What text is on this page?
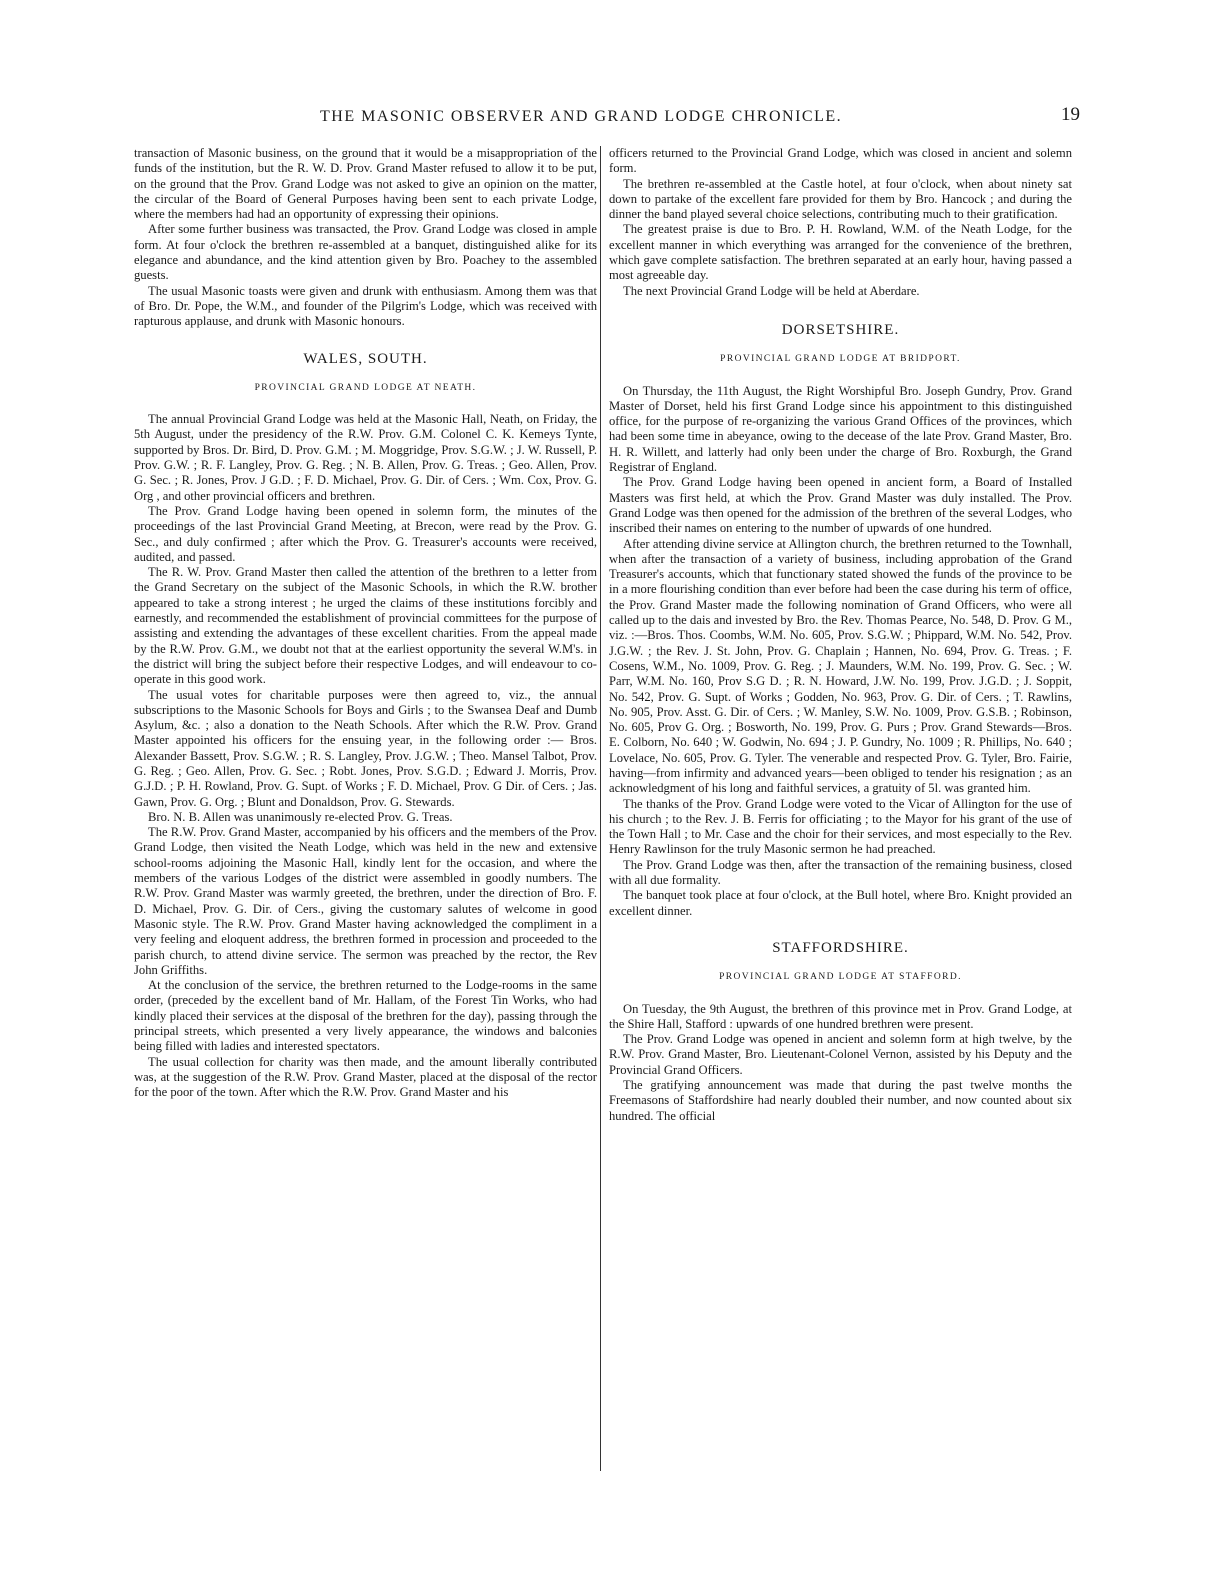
THE MASONIC OBSERVER AND GRAND LODGE CHRONICLE.	19

transaction of Masonic business, on the ground that it would be a misappropriation of the funds of the institution, but the R. W. D. Prov. Grand Master refused to allow it to be put, on the ground that the Prov. Grand Lodge was not asked to give an opinion on the matter, the circular of the Board of General Purposes having been sent to each private Lodge, where the members had had an opportunity of expressing their opinions.

After some further business was transacted, the Prov. Grand Lodge was closed in ample form. At four o'clock the brethren re-assembled at a banquet, distinguished alike for its elegance and abundance, and the kind attention given by Bro. Poachey to the assembled guests.

The usual Masonic toasts were given and drunk with enthusiasm. Among them was that of Bro. Dr. Pope, the W.M., and founder of the Pilgrim's Lodge, which was received with rapturous applause, and drunk with Masonic honours.

WALES, SOUTH.
PROVINCIAL GRAND LODGE AT NEATH.

The annual Provincial Grand Lodge was held at the Masonic Hall, Neath, on Friday, the 5th August, under the presidency of the R.W. Prov. G.M. Colonel C. K. Kemeys Tynte, supported by Bros. Dr. Bird, D. Prov. G.M. ; M. Moggridge, Prov. S.G.W. ; J. W. Russell, P. Prov. G.W. ; R. F. Langley, Prov. G. Reg. ; N. B. Allen, Prov. G. Treas. ; Geo. Allen, Prov. G. Sec. ; R. Jones, Prov. J G.D. ; F. D. Michael, Prov. G. Dir. of Cers. ; Wm. Cox, Prov. G. Org , and other provincial officers and brethren.

The Prov. Grand Lodge having been opened in solemn form, the minutes of the proceedings of the last Provincial Grand Meeting, at Brecon, were read by the Prov. G. Sec., and duly confirmed ; after which the Prov. G. Treasurer's accounts were received, audited, and passed.

The R. W. Prov. Grand Master then called the attention of the brethren to a letter from the Grand Secretary on the subject of the Masonic Schools, in which the R.W. brother appeared to take a strong interest ; he urged the claims of these institutions forcibly and earnestly, and recommended the establishment of provincial committees for the purpose of assisting and extending the advantages of these excellent charities. From the appeal made by the R.W. Prov. G.M., we doubt not that at the earliest opportunity the several W.M's. in the district will bring the subject before their respective Lodges, and will endeavour to co-operate in this good work.

The usual votes for charitable purposes were then agreed to, viz., the annual subscriptions to the Masonic Schools for Boys and Girls ; to the Swansea Deaf and Dumb Asylum, &c. ; also a donation to the Neath Schools. After which the R.W. Prov. Grand Master appointed his officers for the ensuing year, in the following order :— Bros. Alexander Bassett, Prov. S.G.W. ; R. S. Langley, Prov. J.G.W. ; Theo. Mansel Talbot, Prov. G. Reg. ; Geo. Allen, Prov. G. Sec. ; Robt. Jones, Prov. S.G.D. ; Edward J. Morris, Prov. G.J.D. ; P. H. Rowland, Prov. G. Supt. of Works ; F. D. Michael, Prov. G Dir. of Cers. ; Jas. Gawn, Prov. G. Org. ; Blunt and Donaldson, Prov. G. Stewards.

Bro. N. B. Allen was unanimously re-elected Prov. G. Treas.

The R.W. Prov. Grand Master, accompanied by his officers and the members of the Prov. Grand Lodge, then visited the Neath Lodge, which was held in the new and extensive school-rooms adjoining the Masonic Hall, kindly lent for the occasion, and where the members of the various Lodges of the district were assembled in goodly numbers. The R.W. Prov. Grand Master was warmly greeted, the brethren, under the direction of Bro. F. D. Michael, Prov. G. Dir. of Cers., giving the customary salutes of welcome in good Masonic style. The R.W. Prov. Grand Master having acknowledged the compliment in a very feeling and eloquent address, the brethren formed in procession and proceeded to the parish church, to attend divine service. The sermon was preached by the rector, the Rev John Griffiths.

At the conclusion of the service, the brethren returned to the Lodge-rooms in the same order, (preceded by the excellent band of Mr. Hallam, of the Forest Tin Works, who had kindly placed their services at the disposal of the brethren for the day), passing through the principal streets, which presented a very lively appearance, the windows and balconies being filled with ladies and interested spectators.

The usual collection for charity was then made, and the amount liberally contributed was, at the suggestion of the R.W. Prov. Grand Master, placed at the disposal of the rector for the poor of the town. After which the R.W. Prov. Grand Master and his

officers returned to the Provincial Grand Lodge, which was closed in ancient and solemn form.

The brethren re-assembled at the Castle hotel, at four o'clock, when about ninety sat down to partake of the excellent fare provided for them by Bro. Hancock ; and during the dinner the band played several choice selections, contributing much to their gratification.

The greatest praise is due to Bro. P. H. Rowland, W.M. of the Neath Lodge, for the excellent manner in which everything was arranged for the convenience of the brethren, which gave complete satisfaction. The brethren separated at an early hour, having passed a most agreeable day.

The next Provincial Grand Lodge will be held at Aberdare.

DORSETSHIRE.
PROVINCIAL GRAND LODGE AT BRIDPORT.

On Thursday, the 11th August, the Right Worshipful Bro. Joseph Gundry, Prov. Grand Master of Dorset, held his first Grand Lodge since his appointment to this distinguished office, for the purpose of re-organizing the various Grand Offices of the provinces, which had been some time in abeyance, owing to the decease of the late Prov. Grand Master, Bro. H. R. Willett, and latterly had only been under the charge of Bro. Roxburgh, the Grand Registrar of England.

The Prov. Grand Lodge having been opened in ancient form, a Board of Installed Masters was first held, at which the Prov. Grand Master was duly installed. The Prov. Grand Lodge was then opened for the admission of the brethren of the several Lodges, who inscribed their names on entering to the number of upwards of one hundred.

After attending divine service at Allington church, the brethren returned to the Townhall, when after the transaction of a variety of business, including approbation of the Grand Treasurer's accounts, which that functionary stated showed the funds of the province to be in a more flourishing condition than ever before had been the case during his term of office, the Prov. Grand Master made the following nomination of Grand Officers, who were all called up to the dais and invested by Bro. the Rev. Thomas Pearce, No. 548, D. Prov. G M., viz. :—Bros. Thos. Coombs, W.M. No. 605, Prov. S.G.W. ; Phippard, W.M. No. 542, Prov. J.G.W. ; the Rev. J. St. John, Prov. G. Chaplain ; Hannen, No. 694, Prov. G. Treas. ; F. Cosens, W.M., No. 1009, Prov. G. Reg. ; J. Maunders, W.M. No. 199, Prov. G. Sec. ; W. Parr, W.M. No. 160, Prov S.G D. ; R. N. Howard, J.W. No. 199, Prov. J.G.D. ; J. Soppit, No. 542, Prov. G. Supt. of Works ; Godden, No. 963, Prov. G. Dir. of Cers. ; T. Rawlins, No. 905, Prov. Asst. G. Dir. of Cers. ; W. Manley, S.W. No. 1009, Prov. G.S.B. ; Robinson, No. 605, Prov G. Org. ; Bosworth, No. 199, Prov. G. Purs ; Prov. Grand Stewards—Bros. E. Colborn, No. 640 ; W. Godwin, No. 694 ; J. P. Gundry, No. 1009 ; R. Phillips, No. 640 ; Lovelace, No. 605, Prov. G. Tyler. The venerable and respected Prov. G. Tyler, Bro. Fairie, having—from infirmity and advanced years—been obliged to tender his resignation ; as an acknowledgment of his long and faithful services, a gratuity of 5l. was granted him.

The thanks of the Prov. Grand Lodge were voted to the Vicar of Allington for the use of his church ; to the Rev. J. B. Ferris for officiating ; to the Mayor for his grant of the use of the Town Hall ; to Mr. Case and the choir for their services, and most especially to the Rev. Henry Rawlinson for the truly Masonic sermon he had preached.

The Prov. Grand Lodge was then, after the transaction of the remaining business, closed with all due formality.

The banquet took place at four o'clock, at the Bull hotel, where Bro. Knight provided an excellent dinner.

STAFFORDSHIRE.
PROVINCIAL GRAND LODGE AT STAFFORD.

On Tuesday, the 9th August, the brethren of this province met in Prov. Grand Lodge, at the Shire Hall, Stafford : upwards of one hundred brethren were present.

The Prov. Grand Lodge was opened in ancient and solemn form at high twelve, by the R.W. Prov. Grand Master, Bro. Lieutenant-Colonel Vernon, assisted by his Deputy and the Provincial Grand Officers.

The gratifying announcement was made that during the past twelve months the Freemasons of Staffordshire had nearly doubled their number, and now counted about six hundred. The official
